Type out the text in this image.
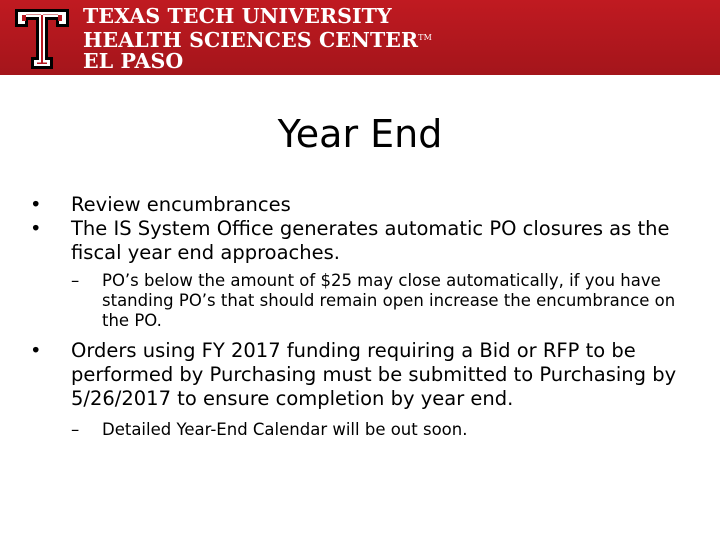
TEXAS TECH UNIVERSITY
HEALTH SCIENCES CENTER™
EL PASO
Year End
• Review encumbrances
• The IS System Office generates automatic PO closures as the fiscal year end approaches.
– PO’s below the amount of $25 may close automatically, if you have standing PO’s that should remain open increase the encumbrance on the PO.
• Orders using FY 2017 funding requiring a Bid or RFP to be performed by Purchasing must be submitted to Purchasing by 5/26/2017 to ensure completion by year end.
– Detailed Year-End Calendar will be out soon.
